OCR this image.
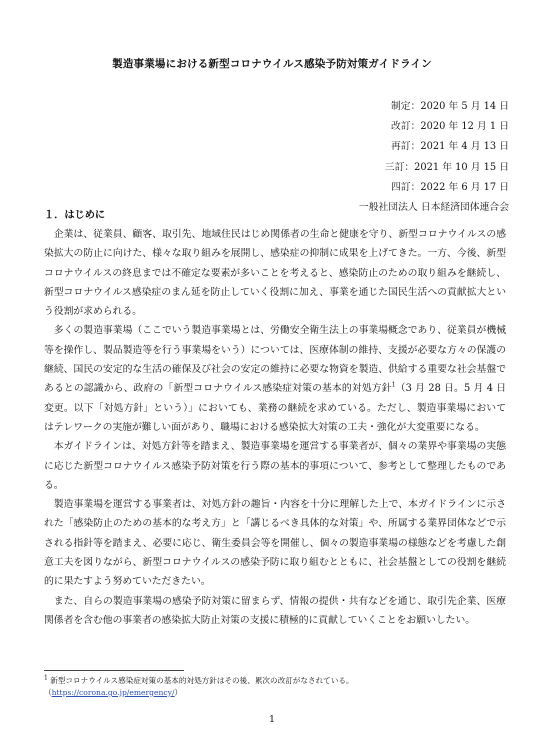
製造事業場における新型コロナウイルス感染予防対策ガイドライン
制定：2020 年 5 月 14 日
改訂：2020 年 12 月 1 日
再訂：2021 年 4 月 13 日
三訂：2021 年 10 月 15 日
四訂：2022 年 6 月 17 日
一般社団法人 日本経済団体連合会
１．はじめに

企業は、従業員、顧客、取引先、地域住民はじめ関係者の生命と健康を守り、新型コロナウイルスの感染拡大の防止に向けた、様々な取り組みを展開し、感染症の抑制に成果を上げてきた。一方、今後、新型コロナウイルスの終息までは不確定な要素が多いことを考えると、感染防止のための取り組みを継続し、新型コロナウイルス感染症のまん延を防止していく役割に加え、事業を通じた国民生活への貢献拡大という役割が求められる。

多くの製造事業場（ここでいう製造事業場とは、労働安全衛生法上の事業場概念であり、従業員が機械等を操作し、製品製造等を行う事業場をいう）については、医療体制の維持、支援が必要な方々の保護の継続、国民の安定的な生活の確保及び社会の安定の維持に必要な物資を製造、供給する重要な社会基盤であるとの認識から、政府の「新型コロナウイルス感染症対策の基本的対処方針$^1$（3 月 28 日。5 月 4 日変更。以下「対処方針」という）」においても、業務の継続を求めている。ただし、製造事業場においてはテレワークの実施が難しい面があり、職場における感染拡大対策の工夫・強化が大変重要になる。

本ガイドラインは、対処方針等を踏まえ、製造事業場を運営する事業者が、個々の業界や事業場の実態に応じた新型コロナウイルス感染予防対策を行う際の基本的事項について、参考として整理したものである。

製造事業場を運営する事業者は、対処方針の趣旨・内容を十分に理解した上で、本ガイドラインに示された「感染防止のための基本的な考え方」と「講じるべき具体的な対策」や、所属する業界団体などで示される指針等を踏まえ、必要に応じ、衛生委員会等を開催し、個々の製造事業場の様態などを考慮した創意工夫を図りながら、新型コロナウイルスの感染予防に取り組むとともに、社会基盤としての役割を継続的に果たすよう努めていただきたい。

また、自らの製造事業場の感染予防対策に留まらず、情報の提供・共有などを通じ、取引先企業、医療関係者を含む他の事業者の感染拡大防止対策の支援に積極的に貢献していくことをお願いしたい。

$^1$ 新型コロナウイルス感染症対策の基本的対処方針はその後、累次の改訂がなされている。
（https://corona.go.jp/emergency/）
1
